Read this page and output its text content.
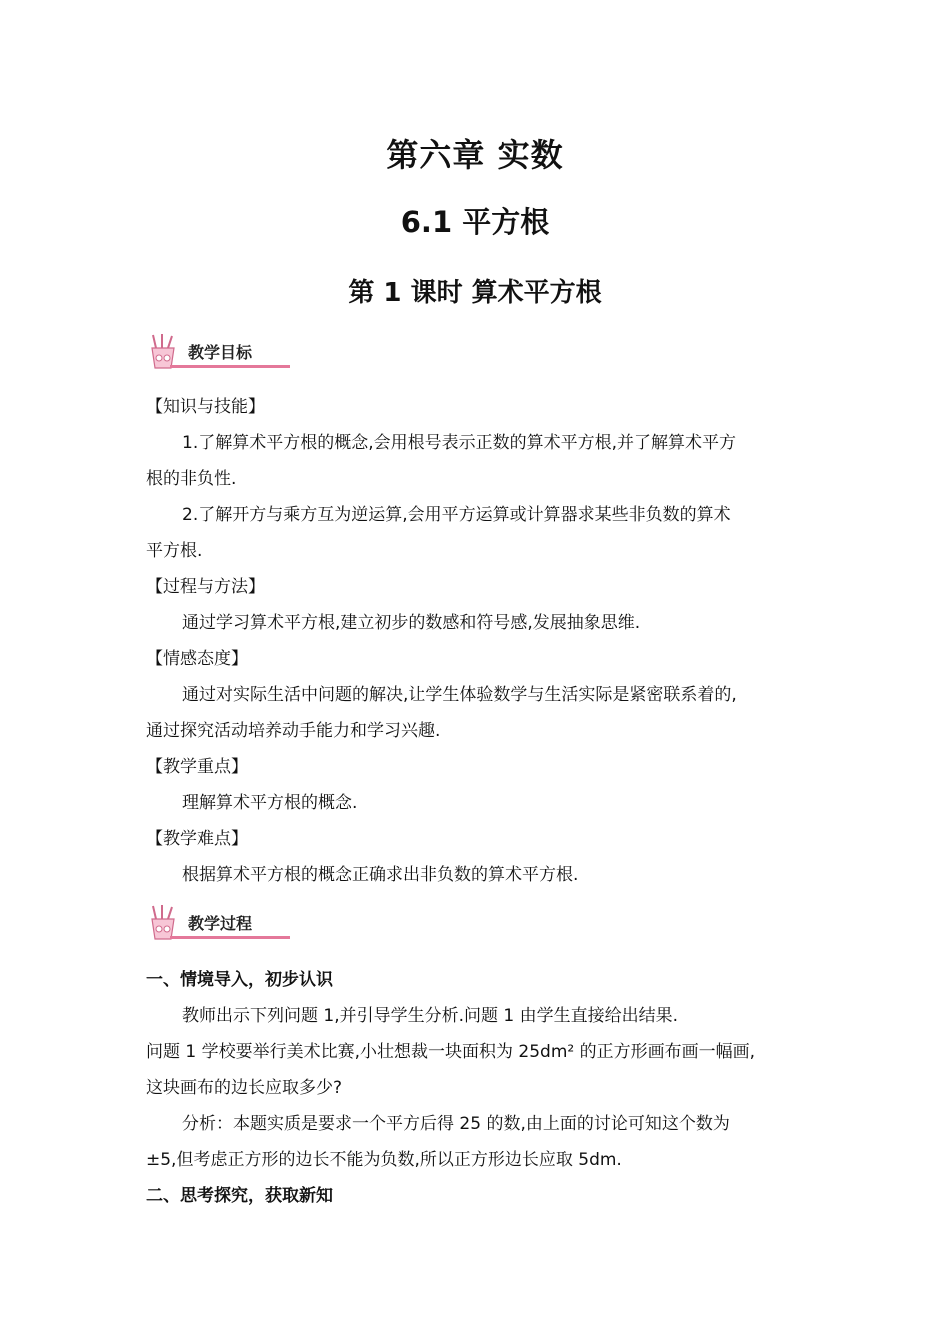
第六章 实数
6.1 平方根
第 1 课时 算术平方根
教学目标

【知识与技能】

1.了解算术平方根的概念,会用根号表示正数的算术平方根,并了解算术平方

根的非负性.

2.了解开方与乘方互为逆运算,会用平方运算或计算器求某些非负数的算术

平方根.

【过程与方法】

通过学习算术平方根,建立初步的数感和符号感,发展抽象思维.

【情感态度】

通过对实际生活中问题的解决,让学生体验数学与生活实际是紧密联系着的,

通过探究活动培养动手能力和学习兴趣.

【教学重点】

理解算术平方根的概念.

【教学难点】

根据算术平方根的概念正确求出非负数的算术平方根.

教学过程

一、情境导入，初步认识

教师出示下列问题 1,并引导学生分析.问题 1 由学生直接给出结果.

问题 1 学校要举行美术比赛,小壮想裁一块面积为 25dm² 的正方形画布画一幅画,

这块画布的边长应取多少?

分析：本题实质是要求一个平方后得 25 的数,由上面的讨论可知这个数为

±5,但考虑正方形的边长不能为负数,所以正方形边长应取 5dm.

二、思考探究，获取新知
